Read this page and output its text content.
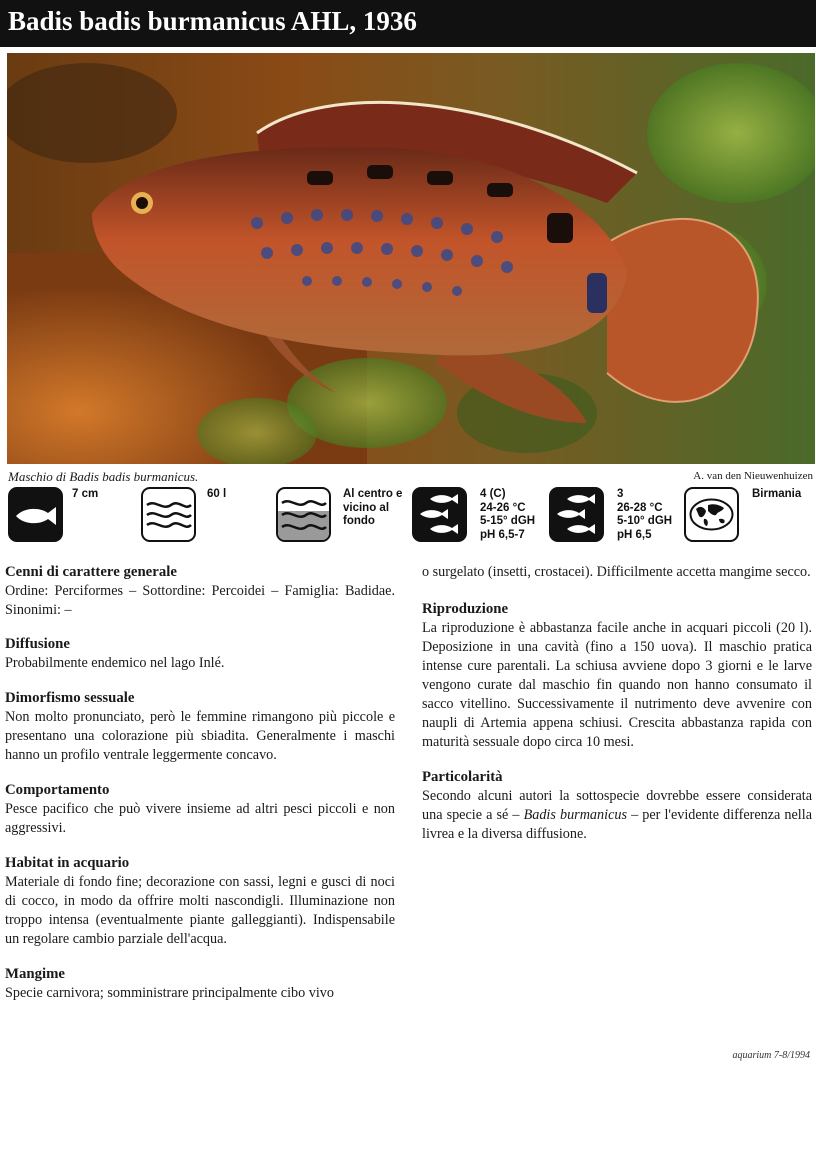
Badis badis burmanicus AHL, 1936
Maschio di Badis badis burmanicus.	A. van den Nieuwenhuizen
7 cm	60 l	Al centro e
vicino al
fondo
4 (C)
24-26 °C
5-15° dGH
pH 6,5-7
3
26-28 °C
5-10° dGH
pH 6,5
Birmania
Cenni di carattere generale

Ordine: Perciformes – Sottordine: Percoidei – Famiglia: Badidae. Sinonimi: –

Diffusione

Probabilmente endemico nel lago Inlé.

Dimorfismo sessuale

Non molto pronunciato, però le femmine rimangono più piccole e presentano una colorazione più sbiadita. Generalmente i maschi hanno un profilo ventrale leggermente concavo.

Comportamento

Pesce pacifico che può vivere insieme ad altri pesci piccoli e non aggressivi.

Habitat in acquario

Materiale di fondo fine; decorazione con sassi, legni e gusci di noci di cocco, in modo da offrire molti nascondigli. Illuminazione non troppo intensa (eventualmente piante galleggianti). Indispensabile un regolare cambio parziale dell'acqua.

Mangime

Specie carnivora; somministrare principalmente cibo vivo

o surgelato (insetti, crostacei). Difficilmente accetta mangime secco.

Riproduzione

La riproduzione è abbastanza facile anche in acquari piccoli (20 l). Deposizione in una cavità (fino a 150 uova). Il maschio pratica intense cure parentali. La schiusa avviene dopo 3 giorni e le larve vengono curate dal maschio fin quando non hanno consumato il sacco vitellino. Successivamente il nutrimento deve avvenire con naupli di Artemia appena schiusi. Crescita abbastanza rapida con maturità sessuale dopo circa 10 mesi.

Particolarità

Secondo alcuni autori la sottospecie dovrebbe essere considerata una specie a sé – Badis burmanicus – per l'evidente differenza nella livrea e la diversa diffusione.

aquarium 7-8/1994
